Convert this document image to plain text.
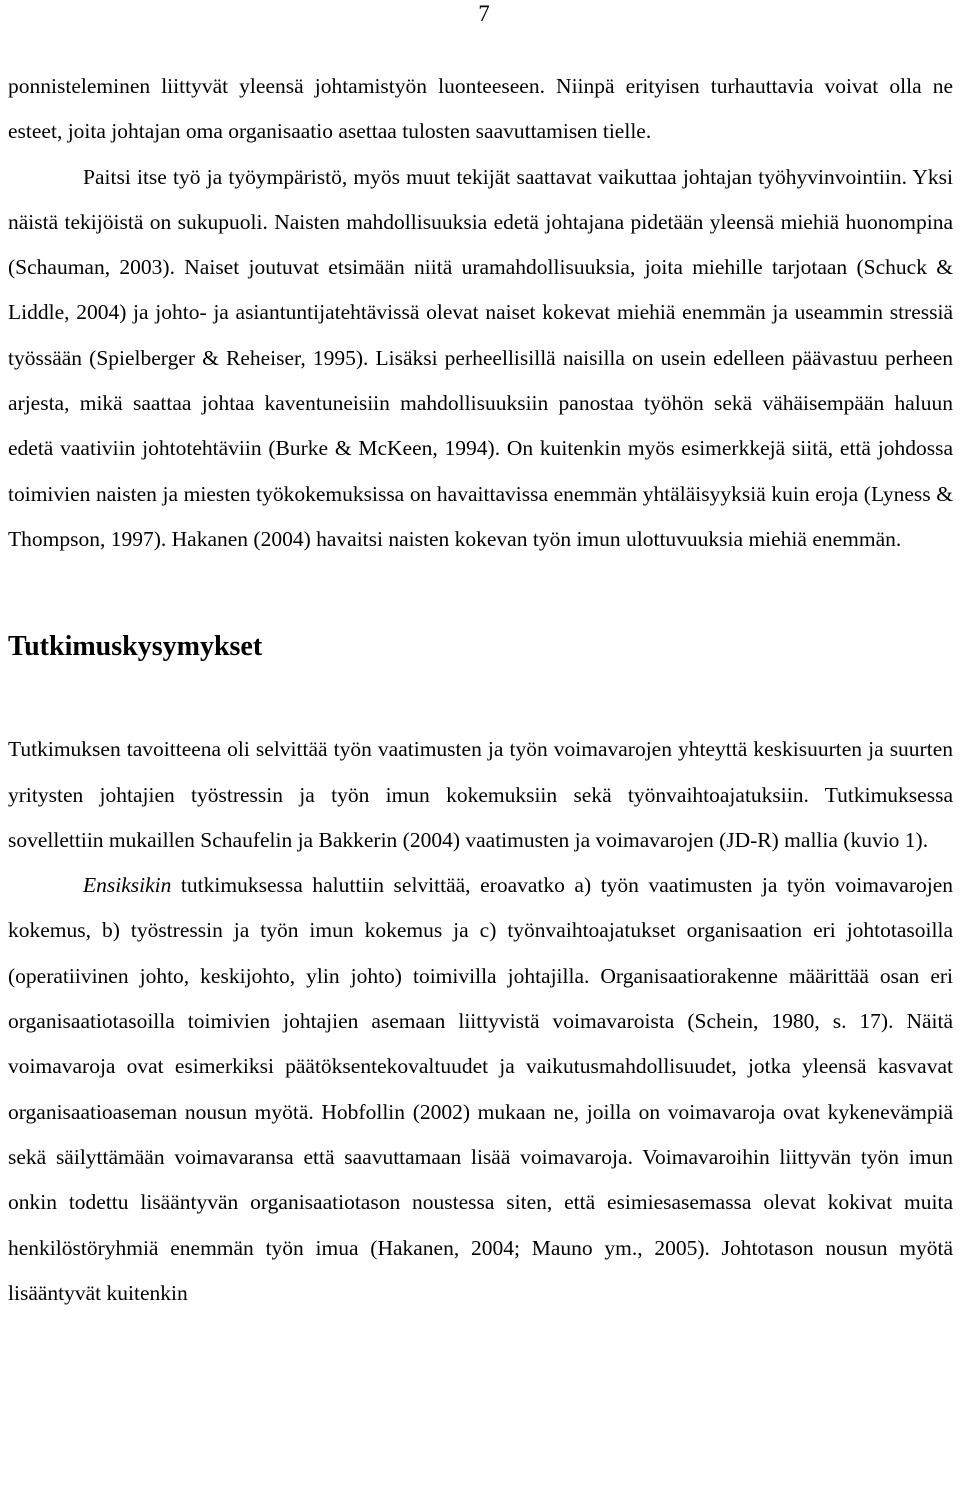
7

ponnisteleminen liittyvät yleensä johtamistyön luonteeseen. Niinpä erityisen turhauttavia voivat olla ne esteet, joita johtajan oma organisaatio asettaa tulosten saavuttamisen tielle.

Paitsi itse työ ja työympäristö, myös muut tekijät saattavat vaikuttaa johtajan työhyvinvointiin. Yksi näistä tekijöistä on sukupuoli. Naisten mahdollisuuksia edetä johtajana pidetään yleensä miehiä huonompina (Schauman, 2003). Naiset joutuvat etsimään niitä uramahdollisuuksia, joita miehille tarjotaan (Schuck & Liddle, 2004) ja johto- ja asiantuntijatehtävissä olevat naiset kokevat miehiä enemmän ja useammin stressiä työssään (Spielberger & Reheiser, 1995). Lisäksi perheellisillä naisilla on usein edelleen päävastuu perheen arjesta, mikä saattaa johtaa kaventuneisiin mahdollisuuksiin panostaa työhön sekä vähäisempään haluun edetä vaativiin johtotehtäviin (Burke & McKeen, 1994). On kuitenkin myös esimerkkejä siitä, että johdossa toimivien naisten ja miesten työkokemuksissa on havaittavissa enemmän yhtäläisyyksiä kuin eroja (Lyness & Thompson, 1997). Hakanen (2004) havaitsi naisten kokevan työn imun ulottuvuuksia miehiä enemmän.

Tutkimuskysymykset

Tutkimuksen tavoitteena oli selvittää työn vaatimusten ja työn voimavarojen yhteyttä keskisuurten ja suurten yritysten johtajien työstressin ja työn imun kokemuksiin sekä työnvaihtoajatuksiin. Tutkimuksessa sovellettiin mukaillen Schaufelin ja Bakkerin (2004) vaatimusten ja voimavarojen (JD-R) mallia (kuvio 1).

Ensiksikin tutkimuksessa haluttiin selvittää, eroavatko a) työn vaatimusten ja työn voimavarojen kokemus, b) työstressin ja työn imun kokemus ja c) työnvaihtoajatukset organisaation eri johtotasoilla (operatiivinen johto, keskijohto, ylin johto) toimivilla johtajilla. Organisaatiorakenne määrittää osan eri organisaatiotasoilla toimivien johtajien asemaan liittyvistä voimavaroista (Schein, 1980, s. 17). Näitä voimavaroja ovat esimerkiksi päätöksentekovaltuudet ja vaikutusmahdollisuudet, jotka yleensä kasvavat organisaatioaseman nousun myötä. Hobfollin (2002) mukaan ne, joilla on voimavaroja ovat kykenevämpiä sekä säilyttämään voimavaransa että saavuttamaan lisää voimavaroja. Voimavaroihin liittyvän työn imun onkin todettu lisääntyvän organisaatiotason noustessa siten, että esimiesasemassa olevat kokivat muita henkilöstöryhmiä enemmän työn imua (Hakanen, 2004; Mauno ym., 2005). Johtotason nousun myötä lisääntyvät kuitenkin
